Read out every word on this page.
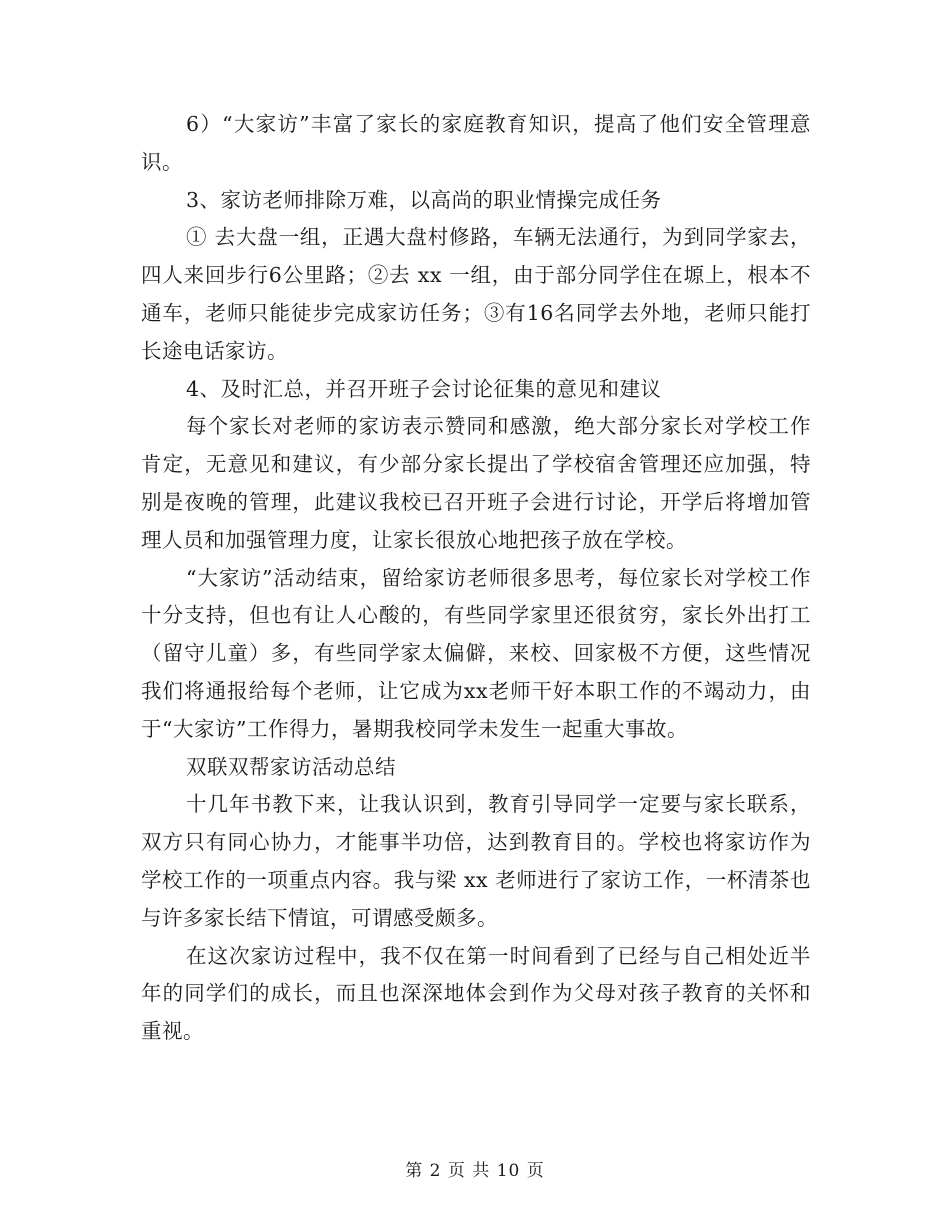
6）“大家访”丰富了家长的家庭教育知识，提高了他们安全管理意识。

3、家访老师排除万难，以高尚的职业情操完成任务

① 去大盘一组，正遇大盘村修路，车辆无法通行，为到同学家去，四人来回步行6公里路；②去 xx 一组，由于部分同学住在塬上，根本不通车，老师只能徒步完成家访任务；③有16名同学去外地，老师只能打长途电话家访。

4、及时汇总，并召开班子会讨论征集的意见和建议

每个家长对老师的家访表示赞同和感激，绝大部分家长对学校工作肯定，无意见和建议，有少部分家长提出了学校宿舍管理还应加强，特别是夜晚的管理，此建议我校已召开班子会进行讨论，开学后将增加管理人员和加强管理力度，让家长很放心地把孩子放在学校。

“大家访”活动结束，留给家访老师很多思考，每位家长对学校工作十分支持，但也有让人心酸的，有些同学家里还很贫穷，家长外出打工（留守儿童）多，有些同学家太偏僻，来校、回家极不方便，这些情况我们将通报给每个老师，让它成为xx老师干好本职工作的不竭动力，由于“大家访”工作得力，暑期我校同学未发生一起重大事故。

双联双帮家访活动总结

十几年书教下来，让我认识到，教育引导同学一定要与家长联系，双方只有同心协力，才能事半功倍，达到教育目的。学校也将家访作为学校工作的一项重点内容。我与梁 xx 老师进行了家访工作，一杯清茶也与许多家长结下情谊，可谓感受颇多。

在这次家访过程中，我不仅在第一时间看到了已经与自己相处近半年的同学们的成长，而且也深深地体会到作为父母对孩子教育的关怀和重视。

第 2 页 共 10 页
